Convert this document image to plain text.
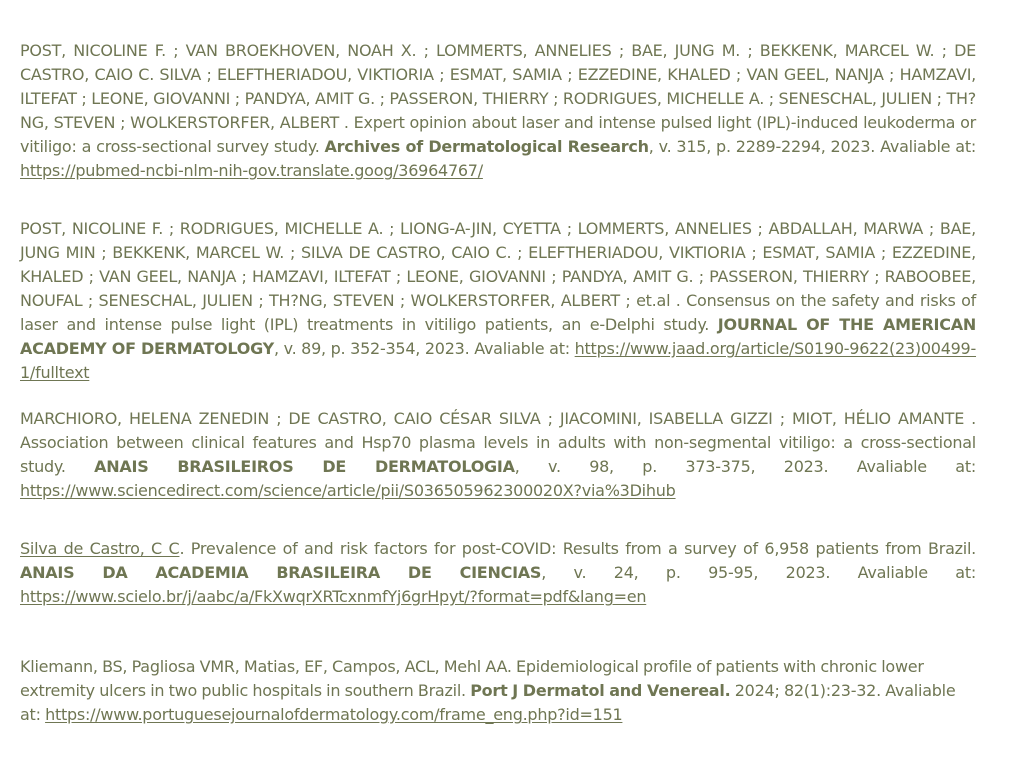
POST, NICOLINE F. ; VAN BROEKHOVEN, NOAH X. ; LOMMERTS, ANNELIES ; BAE, JUNG M. ; BEKKENK, MARCEL W. ; DE CASTRO, CAIO C. SILVA ; ELEFTHERIADOU, VIKTIORIA ; ESMAT, SAMIA ; EZZEDINE, KHALED ; VAN GEEL, NANJA ; HAMZAVI, ILTEFAT ; LEONE, GIOVANNI ; PANDYA, AMIT G. ; PASSERON, THIERRY ; RODRIGUES, MICHELLE A. ; SENESCHAL, JULIEN ; TH?NG, STEVEN ; WOLKERSTORFER, ALBERT . Expert opinion about laser and intense pulsed light (IPL)-induced leukoderma or vitiligo: a cross-sectional survey study. Archives of Dermatological Research, v. 315, p. 2289-2294, 2023. Avaliable at: https://pubmed-ncbi-nlm-nih-gov.translate.goog/36964767/

POST, NICOLINE F. ; RODRIGUES, MICHELLE A. ; LIONG-A-JIN, CYETTA ; LOMMERTS, ANNELIES ; ABDALLAH, MARWA ; BAE, JUNG MIN ; BEKKENK, MARCEL W. ; SILVA DE CASTRO, CAIO C. ; ELEFTHERIADOU, VIKTIORIA ; ESMAT, SAMIA ; EZZEDINE, KHALED ; VAN GEEL, NANJA ; HAMZAVI, ILTEFAT ; LEONE, GIOVANNI ; PANDYA, AMIT G. ; PASSERON, THIERRY ; RABOOBEE, NOUFAL ; SENESCHAL, JULIEN ; TH?NG, STEVEN ; WOLKERSTORFER, ALBERT ; et.al . Consensus on the safety and risks of laser and intense pulse light (IPL) treatments in vitiligo patients, an e-Delphi study. JOURNAL OF THE AMERICAN ACADEMY OF DERMATOLOGY, v. 89, p. 352-354, 2023. Avaliable at: https://www.jaad.org/article/S0190-9622(23)00499-1/fulltext

MARCHIORO, HELENA ZENEDIN ; DE CASTRO, CAIO CÉSAR SILVA ; JIACOMINI, ISABELLA GIZZI ; MIOT, HÉLIO AMANTE . Association between clinical features and Hsp70 plasma levels in adults with non-segmental vitiligo: a cross-sectional study. ANAIS BRASILEIROS DE DERMATOLOGIA, v. 98, p. 373-375, 2023. Avaliable at: https://www.sciencedirect.com/science/article/pii/S036505962300020X?via%3Dihub

Silva de Castro, C C. Prevalence of and risk factors for post-COVID: Results from a survey of 6,958 patients from Brazil. ANAIS DA ACADEMIA BRASILEIRA DE CIENCIAS, v. 24, p. 95-95, 2023. Avaliable at: https://www.scielo.br/j/aabc/a/FkXwqrXRTcxnmfYj6grHpyt/?format=pdf&lang=en

Kliemann, BS, Pagliosa VMR, Matias, EF, Campos, ACL, Mehl AA. Epidemiological profile of patients with chronic lower extremity ulcers in two public hospitals in southern Brazil. Port J Dermatol and Venereal. 2024; 82(1):23-32. Avaliable at: https://www.portuguesejournalofdermatology.com/frame_eng.php?id=151
